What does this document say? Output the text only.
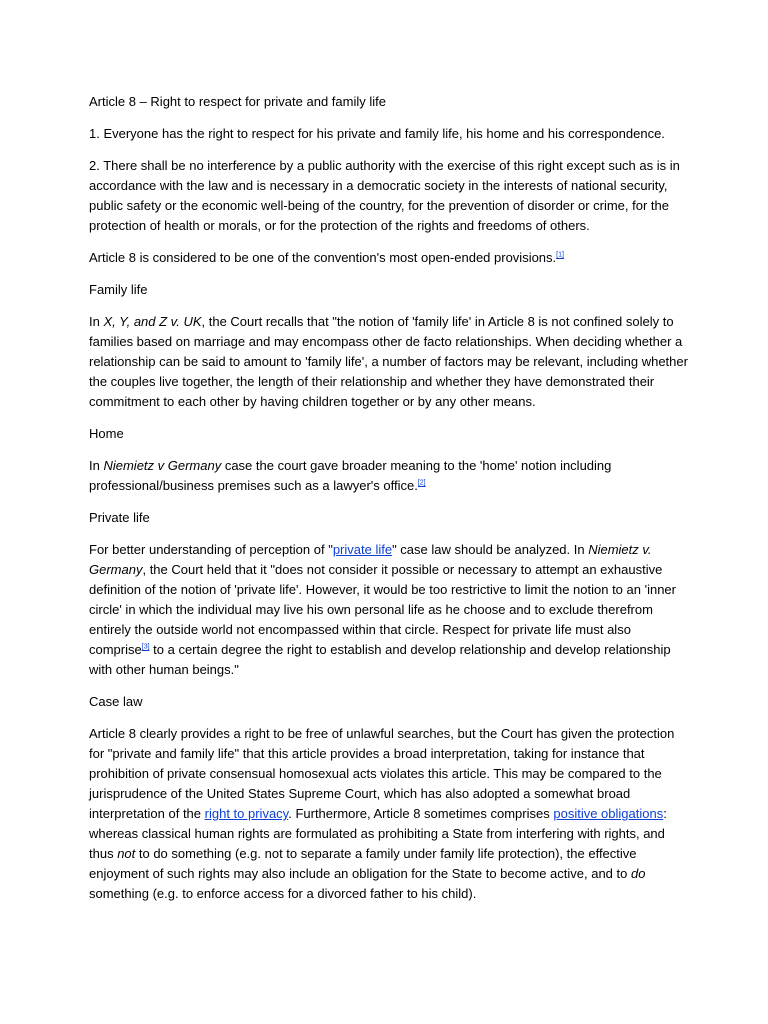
Article 8 – Right to respect for private and family life

1. Everyone has the right to respect for his private and family life, his home and his correspondence.

2. There shall be no interference by a public authority with the exercise of this right except such as is in accordance with the law and is necessary in a democratic society in the interests of national security, public safety or the economic well-being of the country, for the prevention of disorder or crime, for the protection of health or morals, or for the protection of the rights and freedoms of others.

Article 8 is considered to be one of the convention's most open-ended provisions.[1]

Family life

In X, Y, and Z v. UK, the Court recalls that "the notion of 'family life' in Article 8 is not confined solely to families based on marriage and may encompass other de facto relationships. When deciding whether a relationship can be said to amount to 'family life', a number of factors may be relevant, including whether the couples live together, the length of their relationship and whether they have demonstrated their commitment to each other by having children together or by any other means.

Home

In Niemietz v Germany case the court gave broader meaning to the 'home' notion including professional/business premises such as a lawyer's office.[2]

Private life

For better understanding of perception of "private life" case law should be analyzed. In Niemietz v. Germany, the Court held that it "does not consider it possible or necessary to attempt an exhaustive definition of the notion of 'private life'. However, it would be too restrictive to limit the notion to an 'inner circle' in which the individual may live his own personal life as he choose and to exclude therefrom entirely the outside world not encompassed within that circle. Respect for private life must also comprise[3] to a certain degree the right to establish and develop relationship and develop relationship with other human beings."

Case law

Article 8 clearly provides a right to be free of unlawful searches, but the Court has given the protection for "private and family life" that this article provides a broad interpretation, taking for instance that prohibition of private consensual homosexual acts violates this article. This may be compared to the jurisprudence of the United States Supreme Court, which has also adopted a somewhat broad interpretation of the right to privacy. Furthermore, Article 8 sometimes comprises positive obligations: whereas classical human rights are formulated as prohibiting a State from interfering with rights, and thus not to do something (e.g. not to separate a family under family life protection), the effective enjoyment of such rights may also include an obligation for the State to become active, and to do something (e.g. to enforce access for a divorced father to his child).
